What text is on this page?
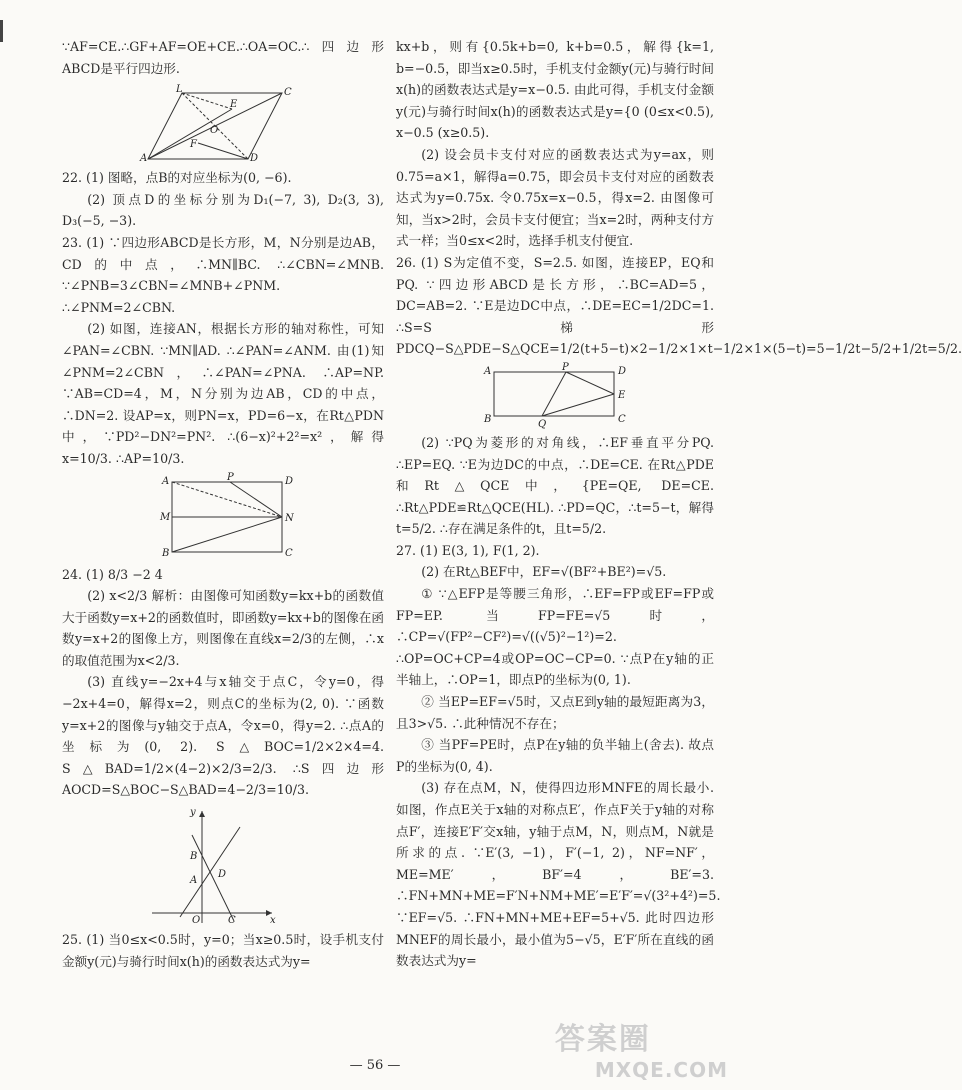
∵AF=CE.∴GF+AF=OE+CE.∴OA=OC.∴四边形ABCD是平行四边形.

L
E
C
O
F
D
A

22. (1) 图略，点B的对应坐标为(0, −6).

(2) 顶点D的坐标分别为D₁(−7, 3), D₂(3, 3), D₃(−5, −3).

23. (1) ∵四边形ABCD是长方形，M，N分别是边AB，CD的中点，∴MN∥BC. ∴∠CBN=∠MNB. ∵∠PNB=3∠CBN=∠MNB+∠PNM. ∴∠PNM=2∠CBN.

(2) 如图，连接AN，根据长方形的轴对称性，可知∠PAN=∠CBN. ∵MN∥AD. ∴∠PAN=∠ANM. 由(1)知∠PNM=2∠CBN，∴∠PAN=∠PNA. ∴AP=NP. ∵AB=CD=4，M，N分别为边AB，CD的中点，∴DN=2. 设AP=x，则PN=x，PD=6−x，在Rt△PDN中，∵PD²−DN²=PN². ∴(6−x)²+2²=x²，解得 x=10/3. ∴AP=10/3.

A	P	D
M	N
B	C

24. (1) 8/3 −2 4

(2) x<2/3 解析：由图像可知函数y=kx+b的函数值大于函数y=x+2的函数值时，即函数y=kx+b的图像在函数y=x+2的图像上方，则图像在直线x=2/3的左侧，∴x的取值范围为x<2/3.

(3) 直线y=−2x+4与x轴交于点C，令y=0，得−2x+4=0，解得x=2，则点C的坐标为(2, 0). ∵函数y=x+2的图像与y轴交于点A，令x=0，得y=2. ∴点A的坐标为(0, 2). S△BOC=1/2×2×4=4. S△BAD=1/2×(4−2)×2/3=2/3. ∴S四边形AOCD=S△BOC−S△BAD=4−2/3=10/3.

y
B
A
D
O	C	x

25. (1) 当0≤x<0.5时，y=0；当x≥0.5时，设手机支付金额y(元)与骑行时间x(h)的函数表达式为y=

kx+b，则有{0.5k+b=0, k+b=0.5，解得{k=1, b=−0.5，即当x≥0.5时，手机支付金额y(元)与骑行时间x(h)的函数表达式是y=x−0.5. 由此可得，手机支付金额y(元)与骑行时间x(h)的函数表达式是y={0 (0≤x<0.5), x−0.5 (x≥0.5).

(2) 设会员卡支付对应的函数表达式为y=ax，则0.75=a×1，解得a=0.75，即会员卡支付对应的函数表达式为y=0.75x. 令0.75x=x−0.5，得x=2. 由图像可知，当x>2时，会员卡支付便宜；当x=2时，两种支付方式一样；当0≤x<2时，选择手机支付便宜.

26. (1) S为定值不变，S=2.5. 如图，连接EP，EQ和PQ. ∵四边形ABCD是长方形，∴BC=AD=5，DC=AB=2. ∵E是边DC中点，∴DE=EC=1/2DC=1. ∴S=S梯形PDCQ−S△PDE−S△QCE=1/2(t+5−t)×2−1/2×1×t−1/2×1×(5−t)=5−1/2t−5/2+1/2t=5/2.

A	P	D
E
B	Q	C

(2) ∵PQ为菱形的对角线，∴EF垂直平分PQ. ∴EP=EQ. ∵E为边DC的中点，∴DE=CE. 在Rt△PDE和Rt△QCE中，{PE=QE, DE=CE. ∴Rt△PDE≌Rt△QCE(HL). ∴PD=QC，∴t=5−t，解得t=5/2. ∴存在满足条件的t，且t=5/2.

27. (1) E(3, 1), F(1, 2).

(2) 在Rt△BEF中，EF=√(BF²+BE²)=√5.

① ∵△EFP是等腰三角形，∴EF=FP或EF=FP或FP=EP. 当FP=FE=√5时，∴CP=√(FP²−CF²)=√((√5)²−1²)=2. ∴OP=OC+CP=4或OP=OC−CP=0. ∵点P在y轴的正半轴上，∴OP=1，即点P的坐标为(0, 1).

② 当EP=EF=√5时，又点E到y轴的最短距离为3，且3>√5. ∴此种情况不存在；

③ 当PF=PE时，点P在y轴的负半轴上(舍去). 故点P的坐标为(0, 4).

(3) 存在点M，N，使得四边形MNFE的周长最小. 如图，作点E关于x轴的对称点E′，作点F关于y轴的对称点F′，连接E′F′交x轴，y轴于点M，N，则点M，N就是所求的点. ∵E′(3, −1)，F′(−1, 2)，NF=NF′，ME=ME′，BF′=4，BE′=3. ∴FN+MN+ME=F′N+NM+ME′=E′F′=√(3²+4²)=5. ∵EF=√5. ∴FN+MN+ME+EF=5+√5. 此时四边形MNEF的周长最小，最小值为5−√5，E′F′所在直线的函数表达式为y=

— 56 —
答案圈
MXQE.COM
